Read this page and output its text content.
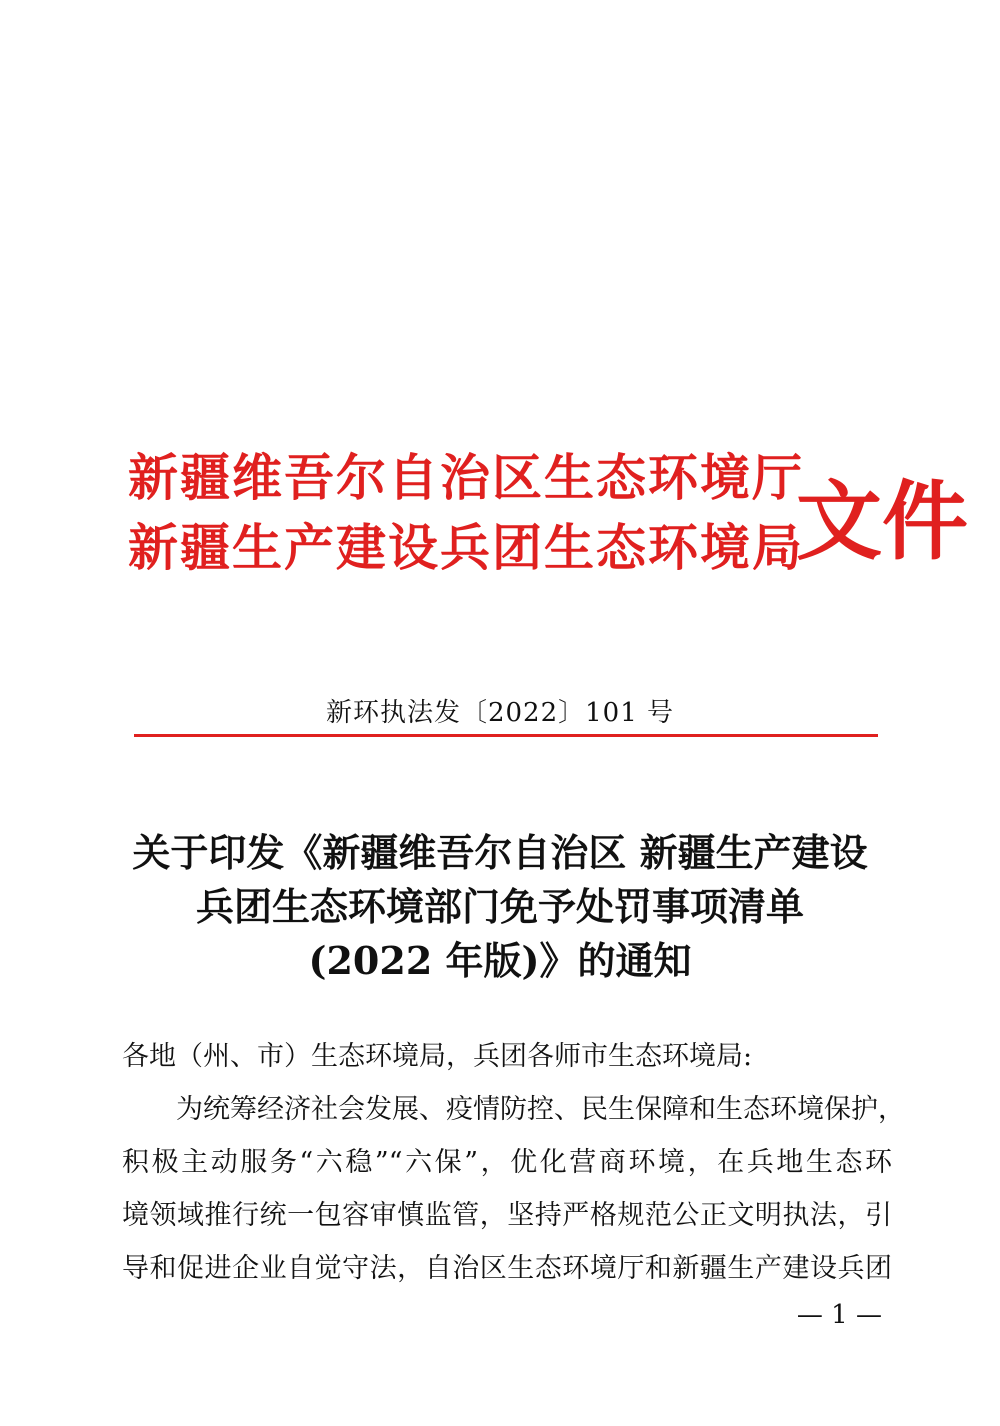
新疆维吾尔自治区生态环境厅
新疆生产建设兵团生态环境局
文件
新环执法发〔2022〕101 号
关于印发《新疆维吾尔自治区 新疆生产建设
兵团生态环境部门免予处罚事项清单
(2022 年版)》的通知
各地（州、市）生态环境局，兵团各师市生态环境局:
为统筹经济社会发展、疫情防控、民生保障和生态环境保护，
积极主动服务“六稳”“六保”，优化营商环境，在兵地生态环
境领域推行统一包容审慎监管，坚持严格规范公正文明执法，引
导和促进企业自觉守法，自治区生态环境厅和新疆生产建设兵团
— 1 —
